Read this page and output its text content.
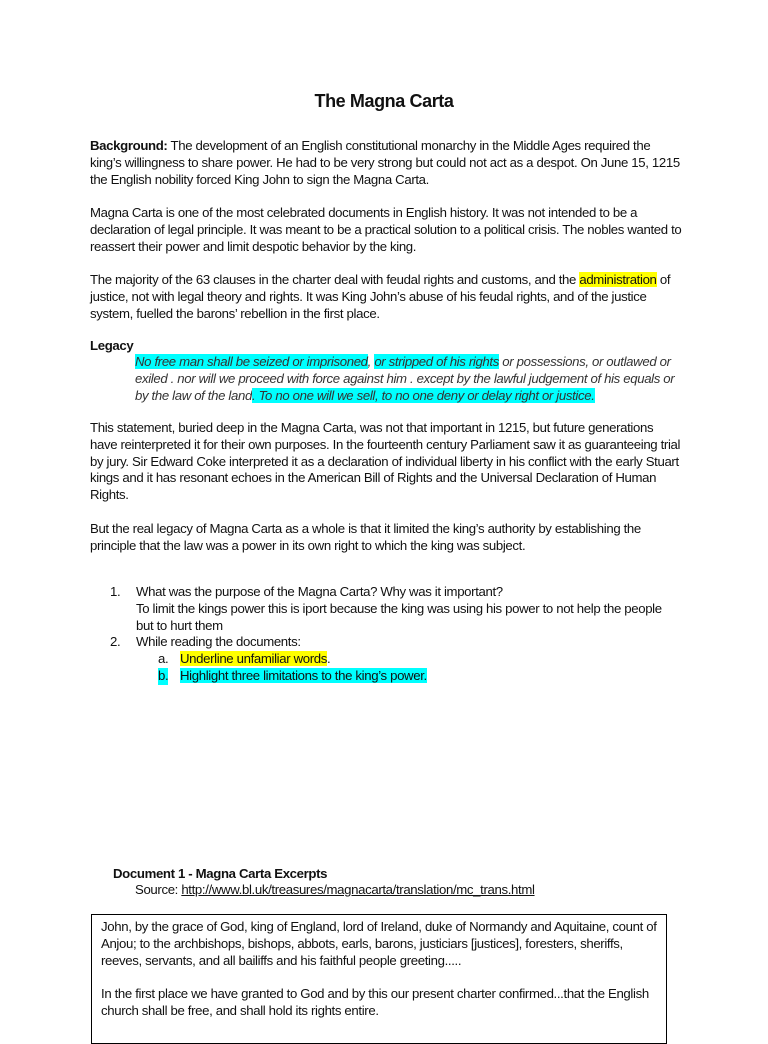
The Magna Carta

Background: The development of an English constitutional monarchy in the Middle Ages required the king’s willingness to share power. He had to be very strong but could not act as a despot. On June 15, 1215 the English nobility forced King John to sign the Magna Carta.

Magna Carta is one of the most celebrated documents in English history. It was not intended to be a declaration of legal principle. It was meant to be a practical solution to a political crisis. The nobles wanted to reassert their power and limit despotic behavior by the king.

The majority of the 63 clauses in the charter deal with feudal rights and customs, and the administration of justice, not with legal theory and rights. It was King John’s abuse of his feudal rights, and of the justice system, fuelled the barons’ rebellion in the first place.

Legacy

No free man shall be seized or imprisoned, or stripped of his rights or possessions, or outlawed or exiled . nor will we proceed with force against him . except by the lawful judgement of his equals or by the law of the land. To no one will we sell, to no one deny or delay right or justice.

This statement, buried deep in the Magna Carta, was not that important in 1215, but future generations have reinterpreted it for their own purposes. In the fourteenth century Parliament saw it as guaranteeing trial by jury. Sir Edward Coke interpreted it as a declaration of individual liberty in his conflict with the early Stuart kings and it has resonant echoes in the American Bill of Rights and the Universal Declaration of Human Rights.

But the real legacy of Magna Carta as a whole is that it limited the king’s authority by establishing the principle that the law was a power in its own right to which the king was subject.

1. What was the purpose of the Magna Carta? Why was it important?
To limit the kings power this is iport because the king was using his power to not help the people but to hurt them
2. While reading the documents:
a. Underline unfamiliar words.
b. Highlight three limitations to the king’s power.
Document 1 - Magna Carta Excerpts
Source: http://www.bl.uk/treasures/magnacarta/translation/mc_trans.html

John, by the grace of God, king of England, lord of Ireland, duke of Normandy and Aquitaine, count of Anjou; to the archbishops, bishops, abbots, earls, barons, justiciars [justices], foresters, sheriffs, reeves, servants, and all bailiffs and his faithful people greeting.....

In the first place we have granted to God and by this our present charter confirmed...that the English church shall be free, and shall hold its rights entire.
